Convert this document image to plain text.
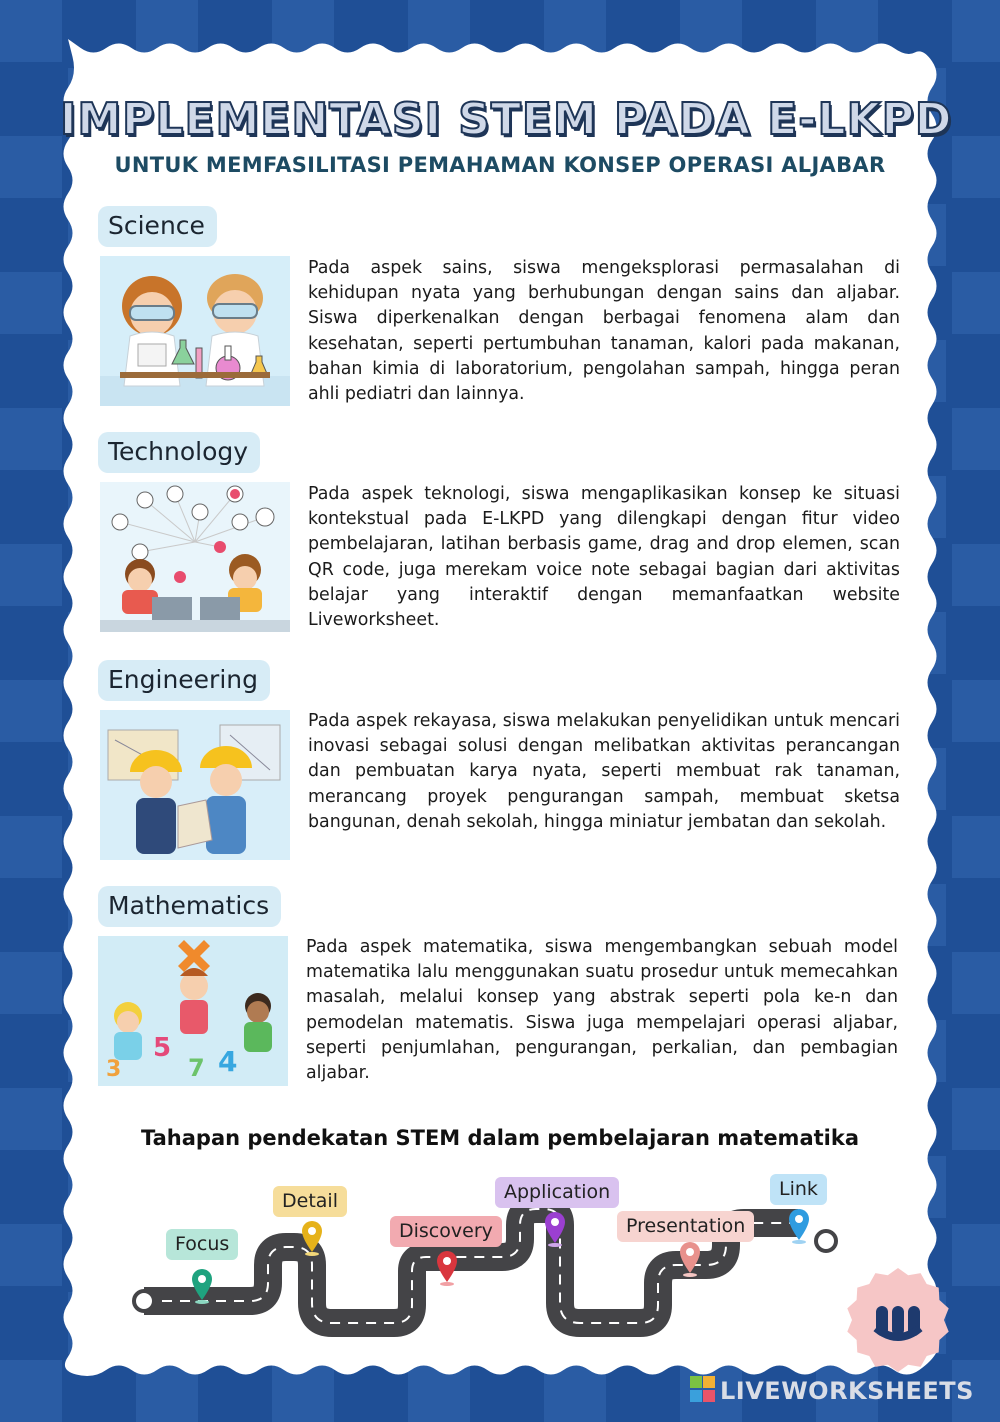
IMPLEMENTASI STEM PADA E-LKPD
UNTUK MEMFASILITASI PEMAHAMAN KONSEP OPERASI ALJABAR
Science
Pada aspek sains, siswa mengeksplorasi permasalahan di kehidupan nyata yang berhubungan dengan sains dan aljabar. Siswa diperkenalkan dengan berbagai fenomena alam dan kesehatan, seperti pertumbuhan tanaman, kalori pada makanan, bahan kimia di laboratorium, pengolahan sampah, hingga peran ahli pediatri dan lainnya.
Technology
Pada aspek teknologi, siswa mengaplikasikan konsep ke situasi kontekstual pada E-LKPD yang dilengkapi dengan fitur video pembelajaran, latihan berbasis game, drag and drop elemen, scan QR code, juga merekam voice note sebagai bagian dari aktivitas belajar yang interaktif dengan memanfaatkan website Liveworksheet.
Engineering
Pada aspek rekayasa, siswa melakukan penyelidikan untuk mencari inovasi sebagai solusi dengan melibatkan aktivitas perancangan dan pembuatan karya nyata, seperti membuat rak tanaman, merancang proyek pengurangan sampah, membuat sketsa bangunan, denah sekolah, hingga miniatur jembatan dan sekolah.
Mathematics
5 4
7
3
Pada aspek matematika, siswa mengembangkan sebuah model matematika lalu menggunakan suatu prosedur untuk memecahkan masalah, melalui konsep yang abstrak seperti pola ke-n dan pemodelan matematis. Siswa juga mempelajari operasi aljabar, seperti penjumlahan, pengurangan, perkalian, dan pembagian aljabar.
Tahapan pendekatan STEM dalam pembelajaran matematika
Focus
Detail
Discovery
Application
Presentation
Link
LIVEWORKSHEETS
